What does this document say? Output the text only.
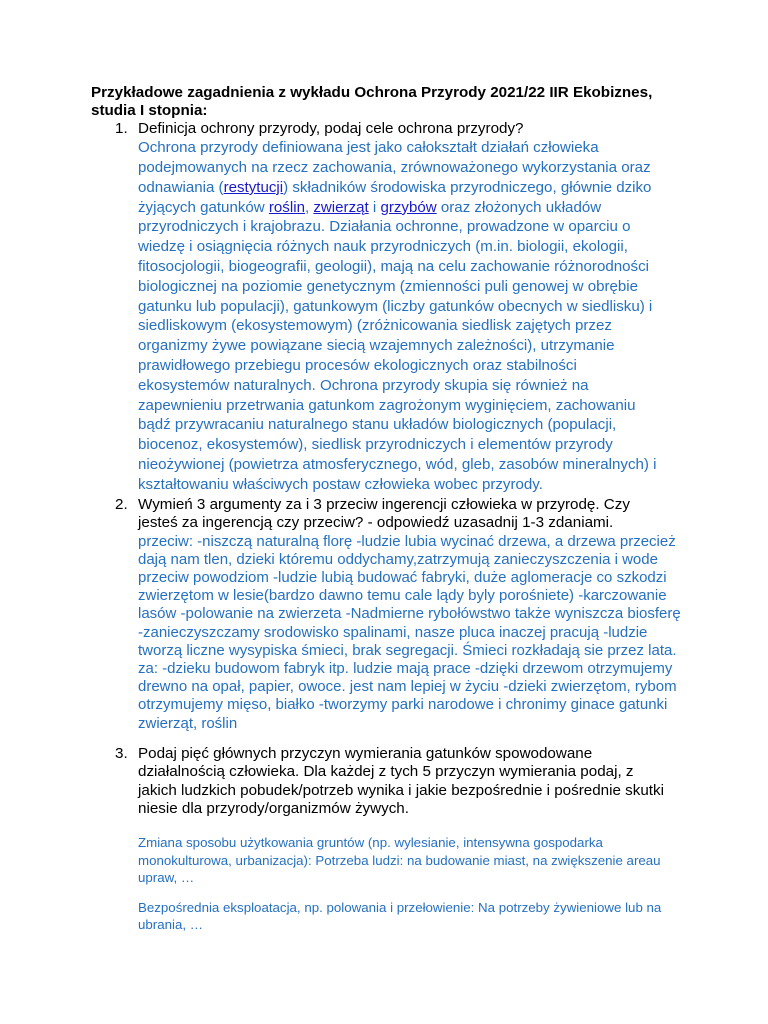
Przykładowe zagadnienia z wykładu Ochrona Przyrody 2021/22 IIR Ekobiznes, studia I stopnia:

1. Definicja ochrony przyrody, podaj cele ochrona przyrody?

Ochrona przyrody definiowana jest jako całokształt działań człowieka podejmowanych na rzecz zachowania, zrównoważonego wykorzystania oraz odnawiania (restytucji) składników środowiska przyrodniczego, głównie dziko żyjących gatunków roślin, zwierząt i grzybów oraz złożonych układów przyrodniczych i krajobrazu. Działania ochronne, prowadzone w oparciu o wiedzę i osiągnięcia różnych nauk przyrodniczych (m.in. biologii, ekologii, fitosocjologii, biogeografii, geologii), mają na celu zachowanie różnorodności biologicznej na poziomie genetycznym (zmienności puli genowej w obrębie gatunku lub populacji), gatunkowym (liczby gatunków obecnych w siedlisku) i siedliskowym (ekosystemowym) (zróżnicowania siedlisk zajętych przez organizmy żywe powiązane siecią wzajemnych zależności), utrzymanie prawidłowego przebiegu procesów ekologicznych oraz stabilności ekosystemów naturalnych. Ochrona przyrody skupia się również na zapewnieniu przetrwania gatunkom zagrożonym wyginięciem, zachowaniu bądź przywracaniu naturalnego stanu układów biologicznych (populacji, biocenoz, ekosystemów), siedlisk przyrodniczych i elementów przyrody nieożywionej (powietrza atmosferycznego, wód, gleb, zasobów mineralnych) i kształtowaniu właściwych postaw człowieka wobec przyrody.

2. Wymień 3 argumenty za i 3 przeciw ingerencji człowieka w przyrodę. Czy jesteś za ingerencją czy przeciw? - odpowiedź uzasadnij 1-3 zdaniami.

przeciw: -niszczą naturalną florę -ludzie lubia wycinać drzewa, a drzewa przecież dają nam tlen, dzieki któremu oddychamy,zatrzymują zanieczyszczenia i wode przeciw powodziom -ludzie lubią budować fabryki, duże aglomeracje co szkodzi zwierzętom w lesie(bardzo dawno temu cale lądy byly porośniete) -karczowanie lasów -polowanie na zwierzeta -Nadmierne rybołówstwo także wyniszcza biosferę -zanieczyszczamy srodowisko spalinami, nasze pluca inaczej pracują -ludzie tworzą liczne wysypiska śmieci, brak segregacji. Śmieci rozkładają sie przez lata.

za: -dzieku budowom fabryk itp. ludzie mają prace -dzięki drzewom otrzymujemy drewno na opał, papier, owoce. jest nam lepiej w życiu -dzieki zwierzętom, rybom otrzymujemy mięso, białko -tworzymy parki narodowe i chronimy ginace gatunki zwierząt, roślin

3. Podaj pięć głównych przyczyn wymierania gatunków spowodowane działalnością człowieka. Dla każdej z tych 5 przyczyn wymierania podaj, z jakich ludzkich pobudek/potrzeb wynika i jakie bezpośrednie i pośrednie skutki niesie dla przyrody/organizmów żywych.

Zmiana sposobu użytkowania gruntów (np. wylesianie, intensywna gospodarka monokulturowa, urbanizacja): Potrzeba ludzi: na budowanie miast, na zwiększenie areau upraw, …

Bezpośrednia eksploatacja, np. polowania i przełowienie: Na potrzeby żywieniowe lub na ubrania, …
